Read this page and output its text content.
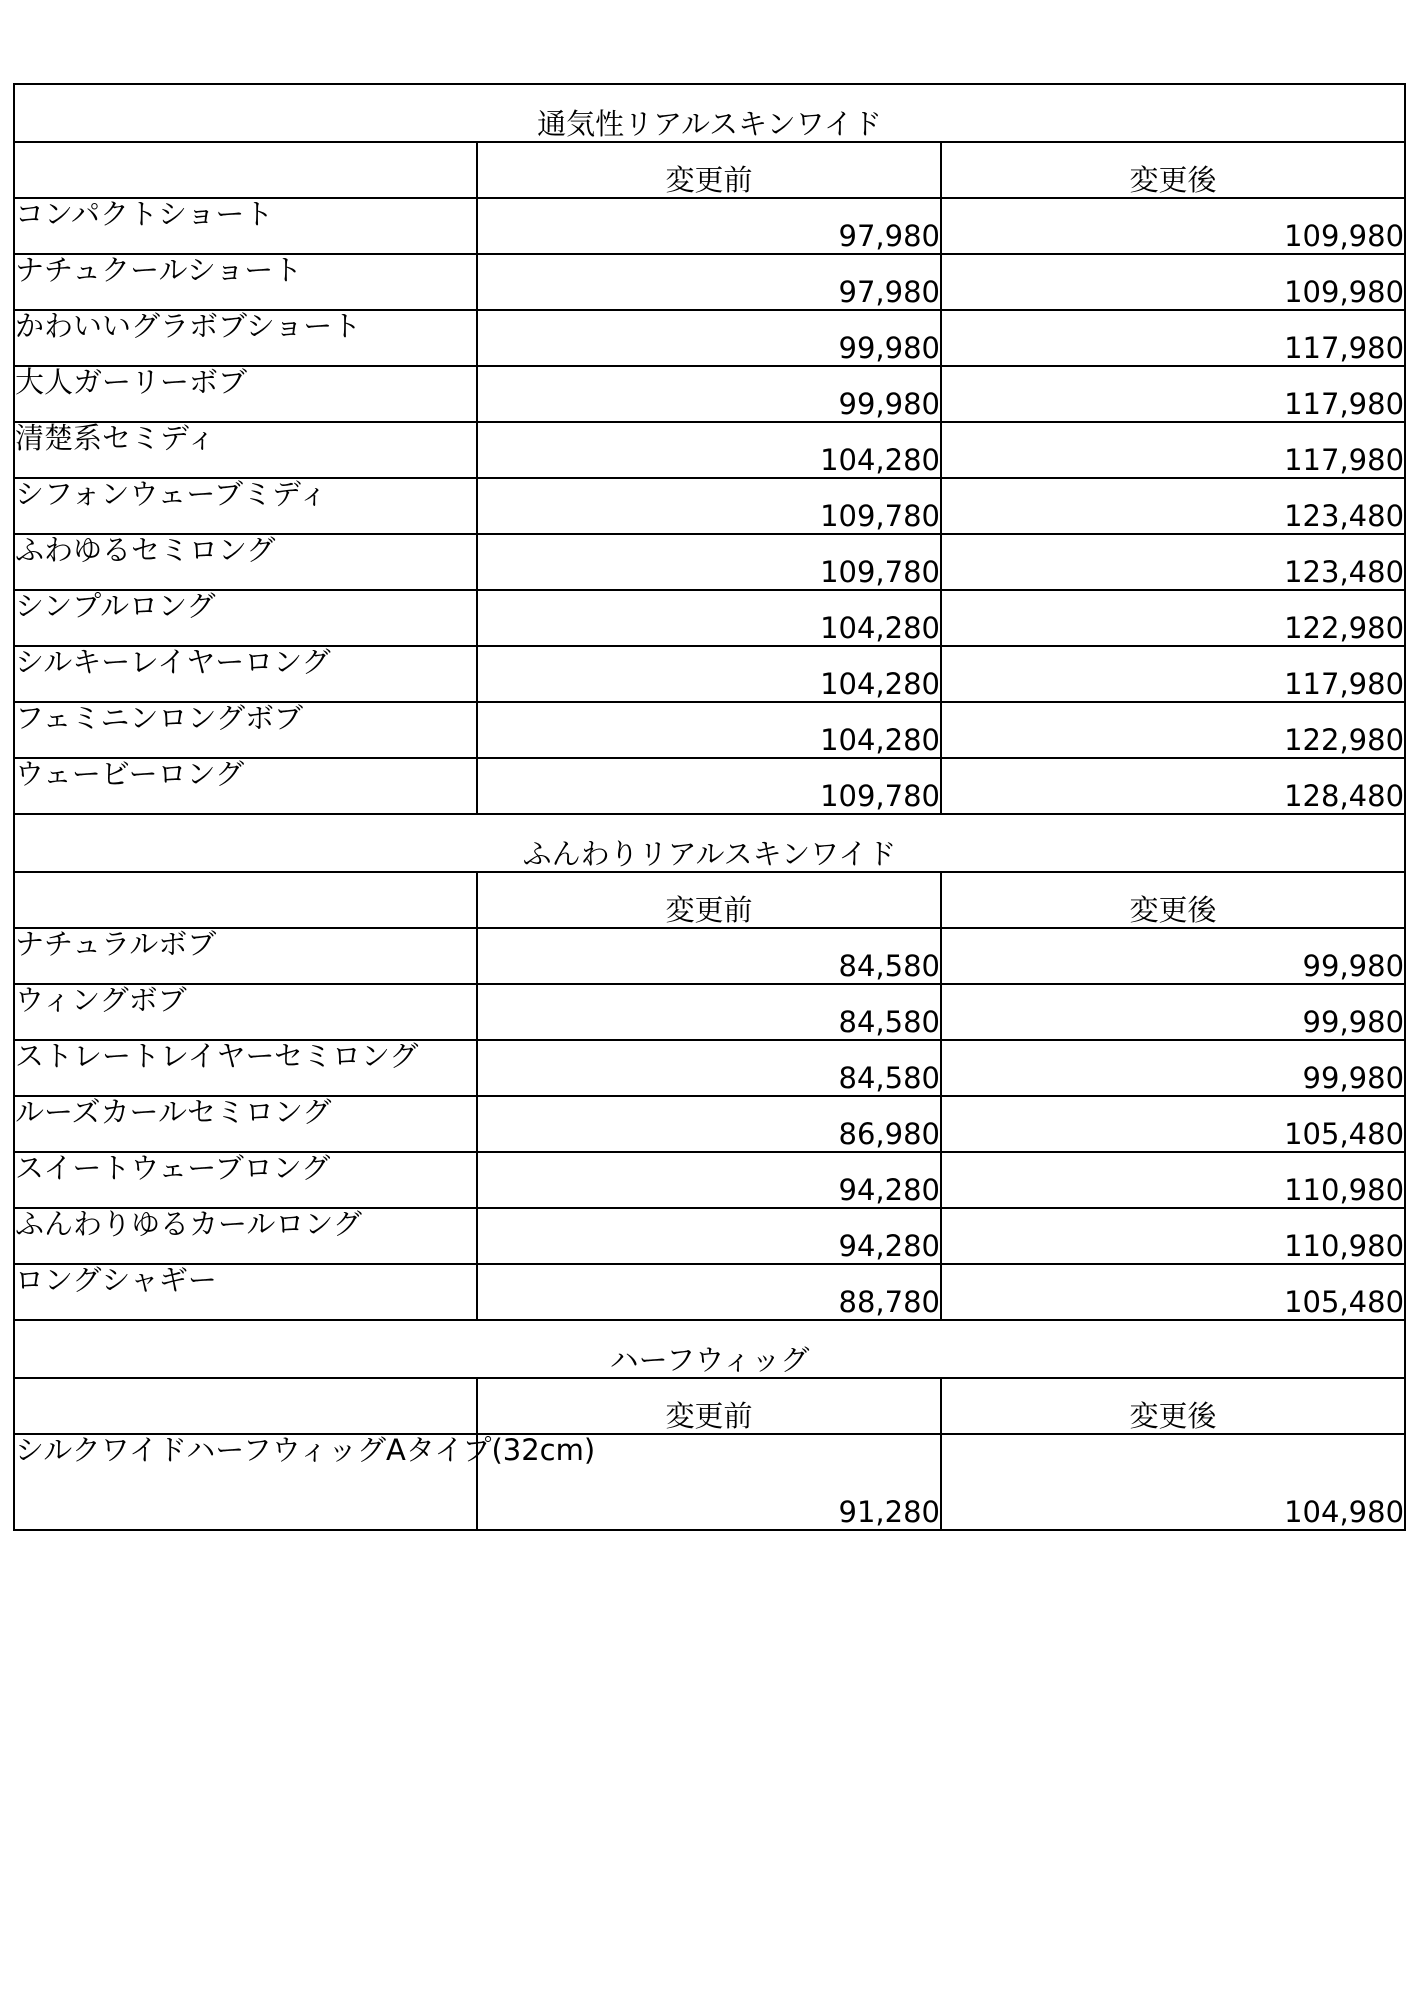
通気性リアルスキンワイド		
	変更前	変更後
コンパクトショート	97,980	109,980
ナチュクールショート	97,980	109,980
かわいいグラボブショート	99,980	117,980
大人ガーリーボブ	99,980	117,980
清楚系セミディ	104,280	117,980
シフォンウェーブミディ	109,780	123,480
ふわゆるセミロング	109,780	123,480
シンプルロング	104,280	122,980
シルキーレイヤーロング	104,280	117,980
フェミニンロングボブ	104,280	122,980
ウェービーロング	109,780	128,480
ふんわりリアルスキンワイド		
	変更前	変更後
ナチュラルボブ	84,580	99,980
ウィングボブ	84,580	99,980
ストレートレイヤーセミロング	84,580	99,980
ルーズカールセミロング	86,980	105,480
スイートウェーブロング	94,280	110,980
ふんわりゆるカールロング	94,280	110,980
ロングシャギー	88,780	105,480
ハーフウィッグ		
	変更前	変更後
シルクワイドハーフウィッグAタイプ(32cm)	91,280	104,980
